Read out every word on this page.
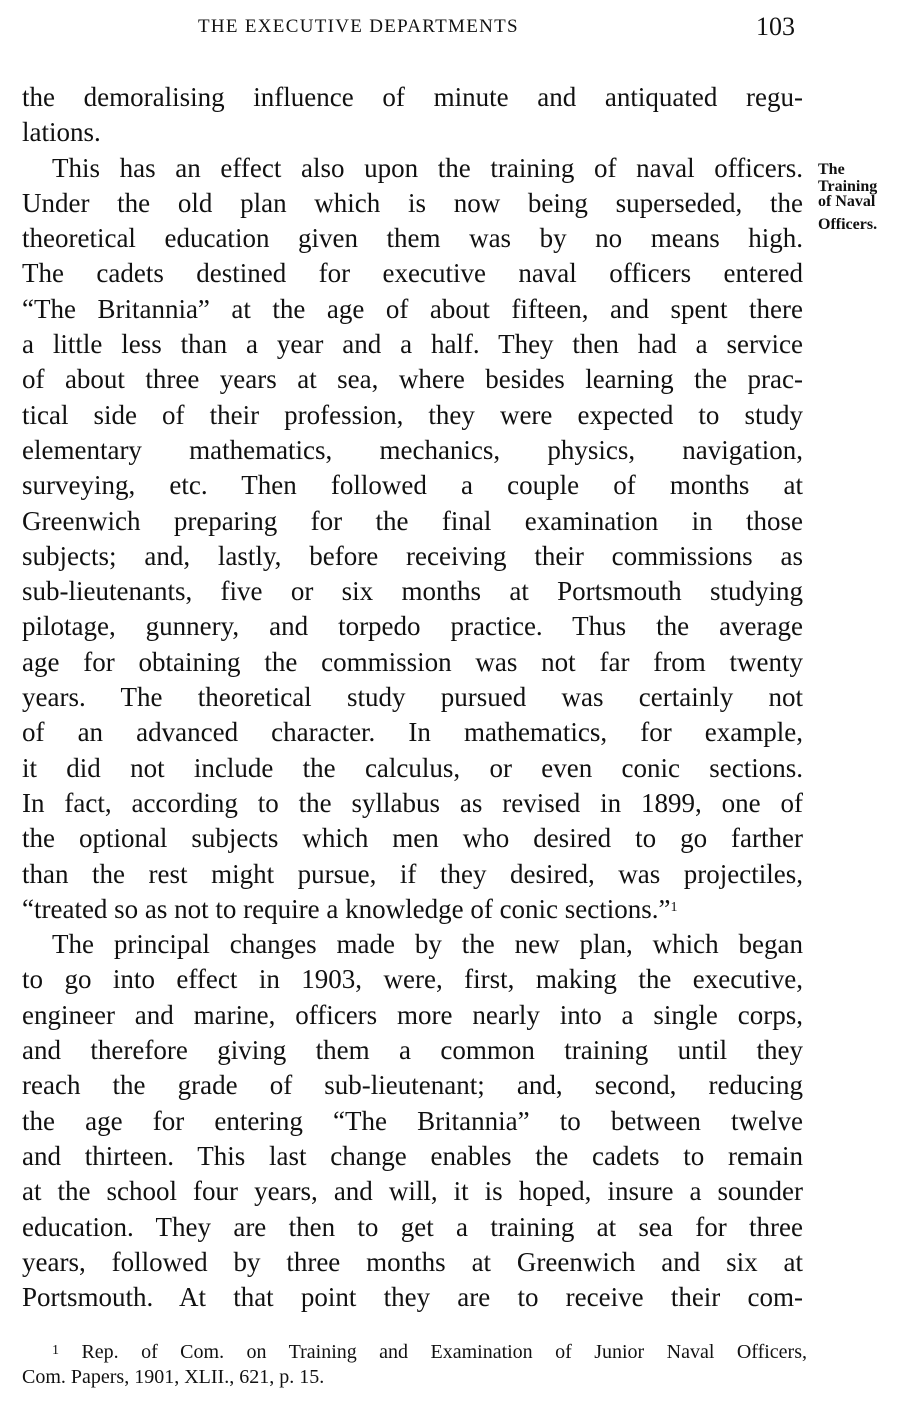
THE EXECUTIVE DEPARTMENTS	103
The
Training
of Naval
Officers.
the demoralising influence of minute and antiquated regu-
lations.
This has an effect also upon the training of naval officers.
Under the old plan which is now being superseded, the
theoretical education given them was by no means high.
The cadets destined for executive naval officers entered
“The Britannia” at the age of about fifteen, and spent there
a little less than a year and a half. They then had a service
of about three years at sea, where besides learning the prac-
tical side of their profession, they were expected to study
elementary mathematics, mechanics, physics, navigation,
surveying, etc. Then followed a couple of months at
Greenwich preparing for the final examination in those
subjects; and, lastly, before receiving their commissions as
sub-lieutenants, five or six months at Portsmouth studying
pilotage, gunnery, and torpedo practice. Thus the average
age for obtaining the commission was not far from twenty
years. The theoretical study pursued was certainly not
of an advanced character. In mathematics, for example,
it did not include the calculus, or even conic sections.
In fact, according to the syllabus as revised in 1899, one of
the optional subjects which men who desired to go farther
than the rest might pursue, if they desired, was projectiles,
“treated so as not to require a knowledge of conic sections.”$^1$
The principal changes made by the new plan, which began
to go into effect in 1903, were, first, making the executive,
engineer and marine, officers more nearly into a single corps,
and therefore giving them a common training until they
reach the grade of sub-lieutenant; and, second, reducing
the age for entering “The Britannia” to between twelve
and thirteen. This last change enables the cadets to remain
at the school four years, and will, it is hoped, insure a sounder
education. They are then to get a training at sea for three
years, followed by three months at Greenwich and six at
Portsmouth. At that point they are to receive their com-
$^1$ Rep. of Com. on Training and Examination of Junior Naval Officers,
Com. Papers, 1901, XLII., 621, p. 15.
